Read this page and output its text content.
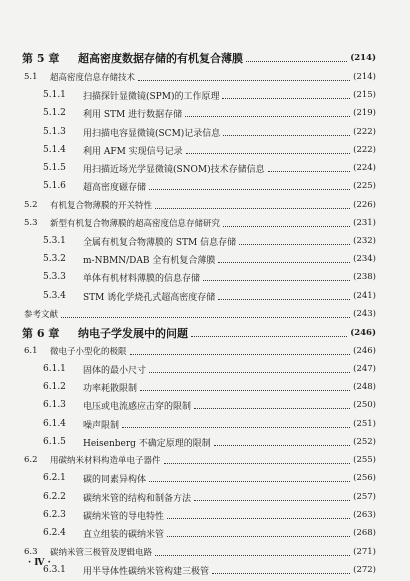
第 5 章	超高密度数据存储的有机复合薄膜	(214)
5.1	超高密度信息存储技术	(214)
5.1.1	扫描探针显微镜(SPM)的工作原理	(215)
5.1.2	利用 STM 进行数据存储	(219)
5.1.3	用扫描电容显微镜(SCM)记录信息	(222)
5.1.4	利用 AFM 实现信号记录	(222)
5.1.5	用扫描近场光学显微镜(SNOM)技术存储信息	(224)
5.1.6	超高密度磁存储	(225)
5.2	有机复合物薄膜的开关特性	(226)
5.3	新型有机复合物薄膜的超高密度信息存储研究	(231)
5.3.1	全属有机复合物薄膜的 STM 信息存储	(232)
5.3.2	m-NBMN/DAB 全有机复合薄膜	(234)
5.3.3	单体有机材料薄膜的信息存储	(238)
5.3.4	STM 诱化学烧孔式超高密度存储	(241)
参考文献	(243)
第 6 章	纳电子学发展中的问题	(246)
6.1	微电子小型化的极限	(246)
6.1.1	固体的最小尺寸	(247)
6.1.2	功率耗散限制	(248)
6.1.3	电压或电流感应击穿的限制	(250)
6.1.4	噪声限制	(251)
6.1.5	Heisenberg 不确定原理的限制	(252)
6.2	用碳纳米材料构造单电子器件	(255)
6.2.1	碳的同素异构体	(256)
6.2.2	碳纳米管的结构和制备方法	(257)
6.2.3	碳纳米管的导电特性	(263)
6.2.4	直立组装的碳纳米管	(268)
6.3	碳纳米管三极管及逻辑电路	(271)
6.3.1	用半导体性碳纳米管构建三极管	(272)
· Ⅳ ·
